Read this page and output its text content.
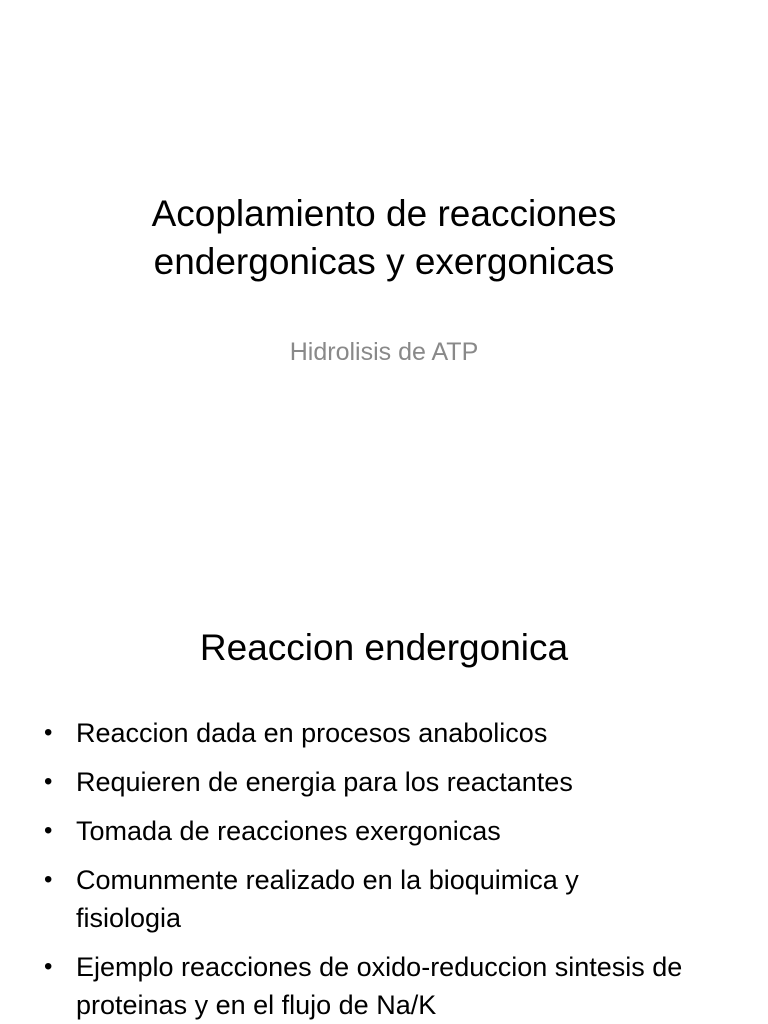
Acoplamiento de reacciones endergonicas y exergonicas
Hidrolisis de ATP
Reaccion endergonica
• Reaccion dada en procesos anabolicos
• Requieren de energia para los reactantes
• Tomada de reacciones exergonicas
• Comunmente realizado en la bioquimica y fisiologia
• Ejemplo reacciones de oxido-reduccion sintesis de proteinas y en el flujo de Na/K
